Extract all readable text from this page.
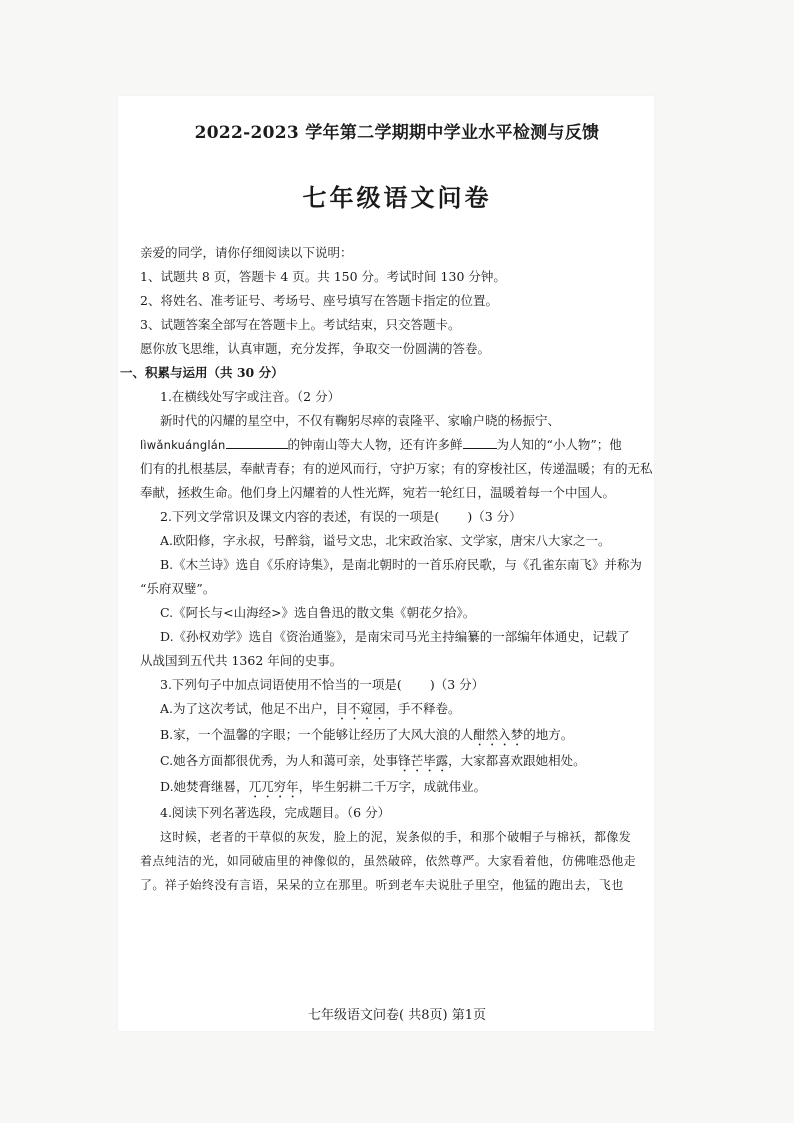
2022-2023 学年第二学期期中学业水平检测与反馈
七年级语文问卷

亲爱的同学，请你仔细阅读以下说明：

1、试题共 8 页，答题卡 4 页。共 150 分。考试时间 130 分钟。

2、将姓名、准考证号、考场号、座号填写在答题卡指定的位置。

3、试题答案全部写在答题卡上。考试结束，只交答题卡。

愿你放飞思维，认真审题，充分发挥，争取交一份圆满的答卷。

一、积累与运用（共 30 分）

1.在横线处写字或注音。（2 分）

新时代的闪耀的星空中，不仅有鞠躬尽瘁的袁隆平、家喻户晓的杨振宁、

lìwǎnkuánglán	的钟南山等大人物，还有许多鲜	为人知的“小人物”；他

们有的扎根基层，奉献青春；有的逆风而行，守护万家；有的穿梭社区，传递温暖；有的无私

奉献，拯救生命。他们身上闪耀着的人性光辉，宛若一轮红日，温暖着每一个中国人。

2.下列文学常识及课文内容的表述，有误的一项是( )（3 分）

A.欧阳修，字永叔，号醉翁，谥号文忠，北宋政治家、文学家，唐宋八大家之一。

B.《木兰诗》选自《乐府诗集》，是南北朝时的一首乐府民歌，与《孔雀东南飞》并称为

“乐府双璧”。

C.《阿长与<山海经>》选自鲁迅的散文集《朝花夕拾》。

D.《孙权劝学》选自《资治通鉴》，是南宋司马光主持编纂的一部编年体通史，记载了

从战国到五代共 1362 年间的史事。

3.下列句子中加点词语使用不恰当的一项是( )（3 分）

A.为了这次考试，他足不出户，目不窥园，手不释卷。

B.家，一个温馨的字眼；一个能够让经历了大风大浪的人酣然入梦的地方。

C.她各方面都很优秀，为人和蔼可亲，处事锋芒毕露，大家都喜欢跟她相处。

D.她焚膏继晷，兀兀穷年，毕生躬耕二千万字，成就伟业。

4.阅读下列名著选段，完成题目。（6 分）

这时候，老者的干草似的灰发，脸上的泥，炭条似的手，和那个破帽子与棉袄，都像发

着点纯洁的光，如同破庙里的神像似的，虽然破碎，依然尊严。大家看着他，仿佛唯恐他走

了。祥子始终没有言语，呆呆的立在那里。听到老车夫说肚子里空，他猛的跑出去，飞也

七年级语文问卷( 共8页) 第1页
